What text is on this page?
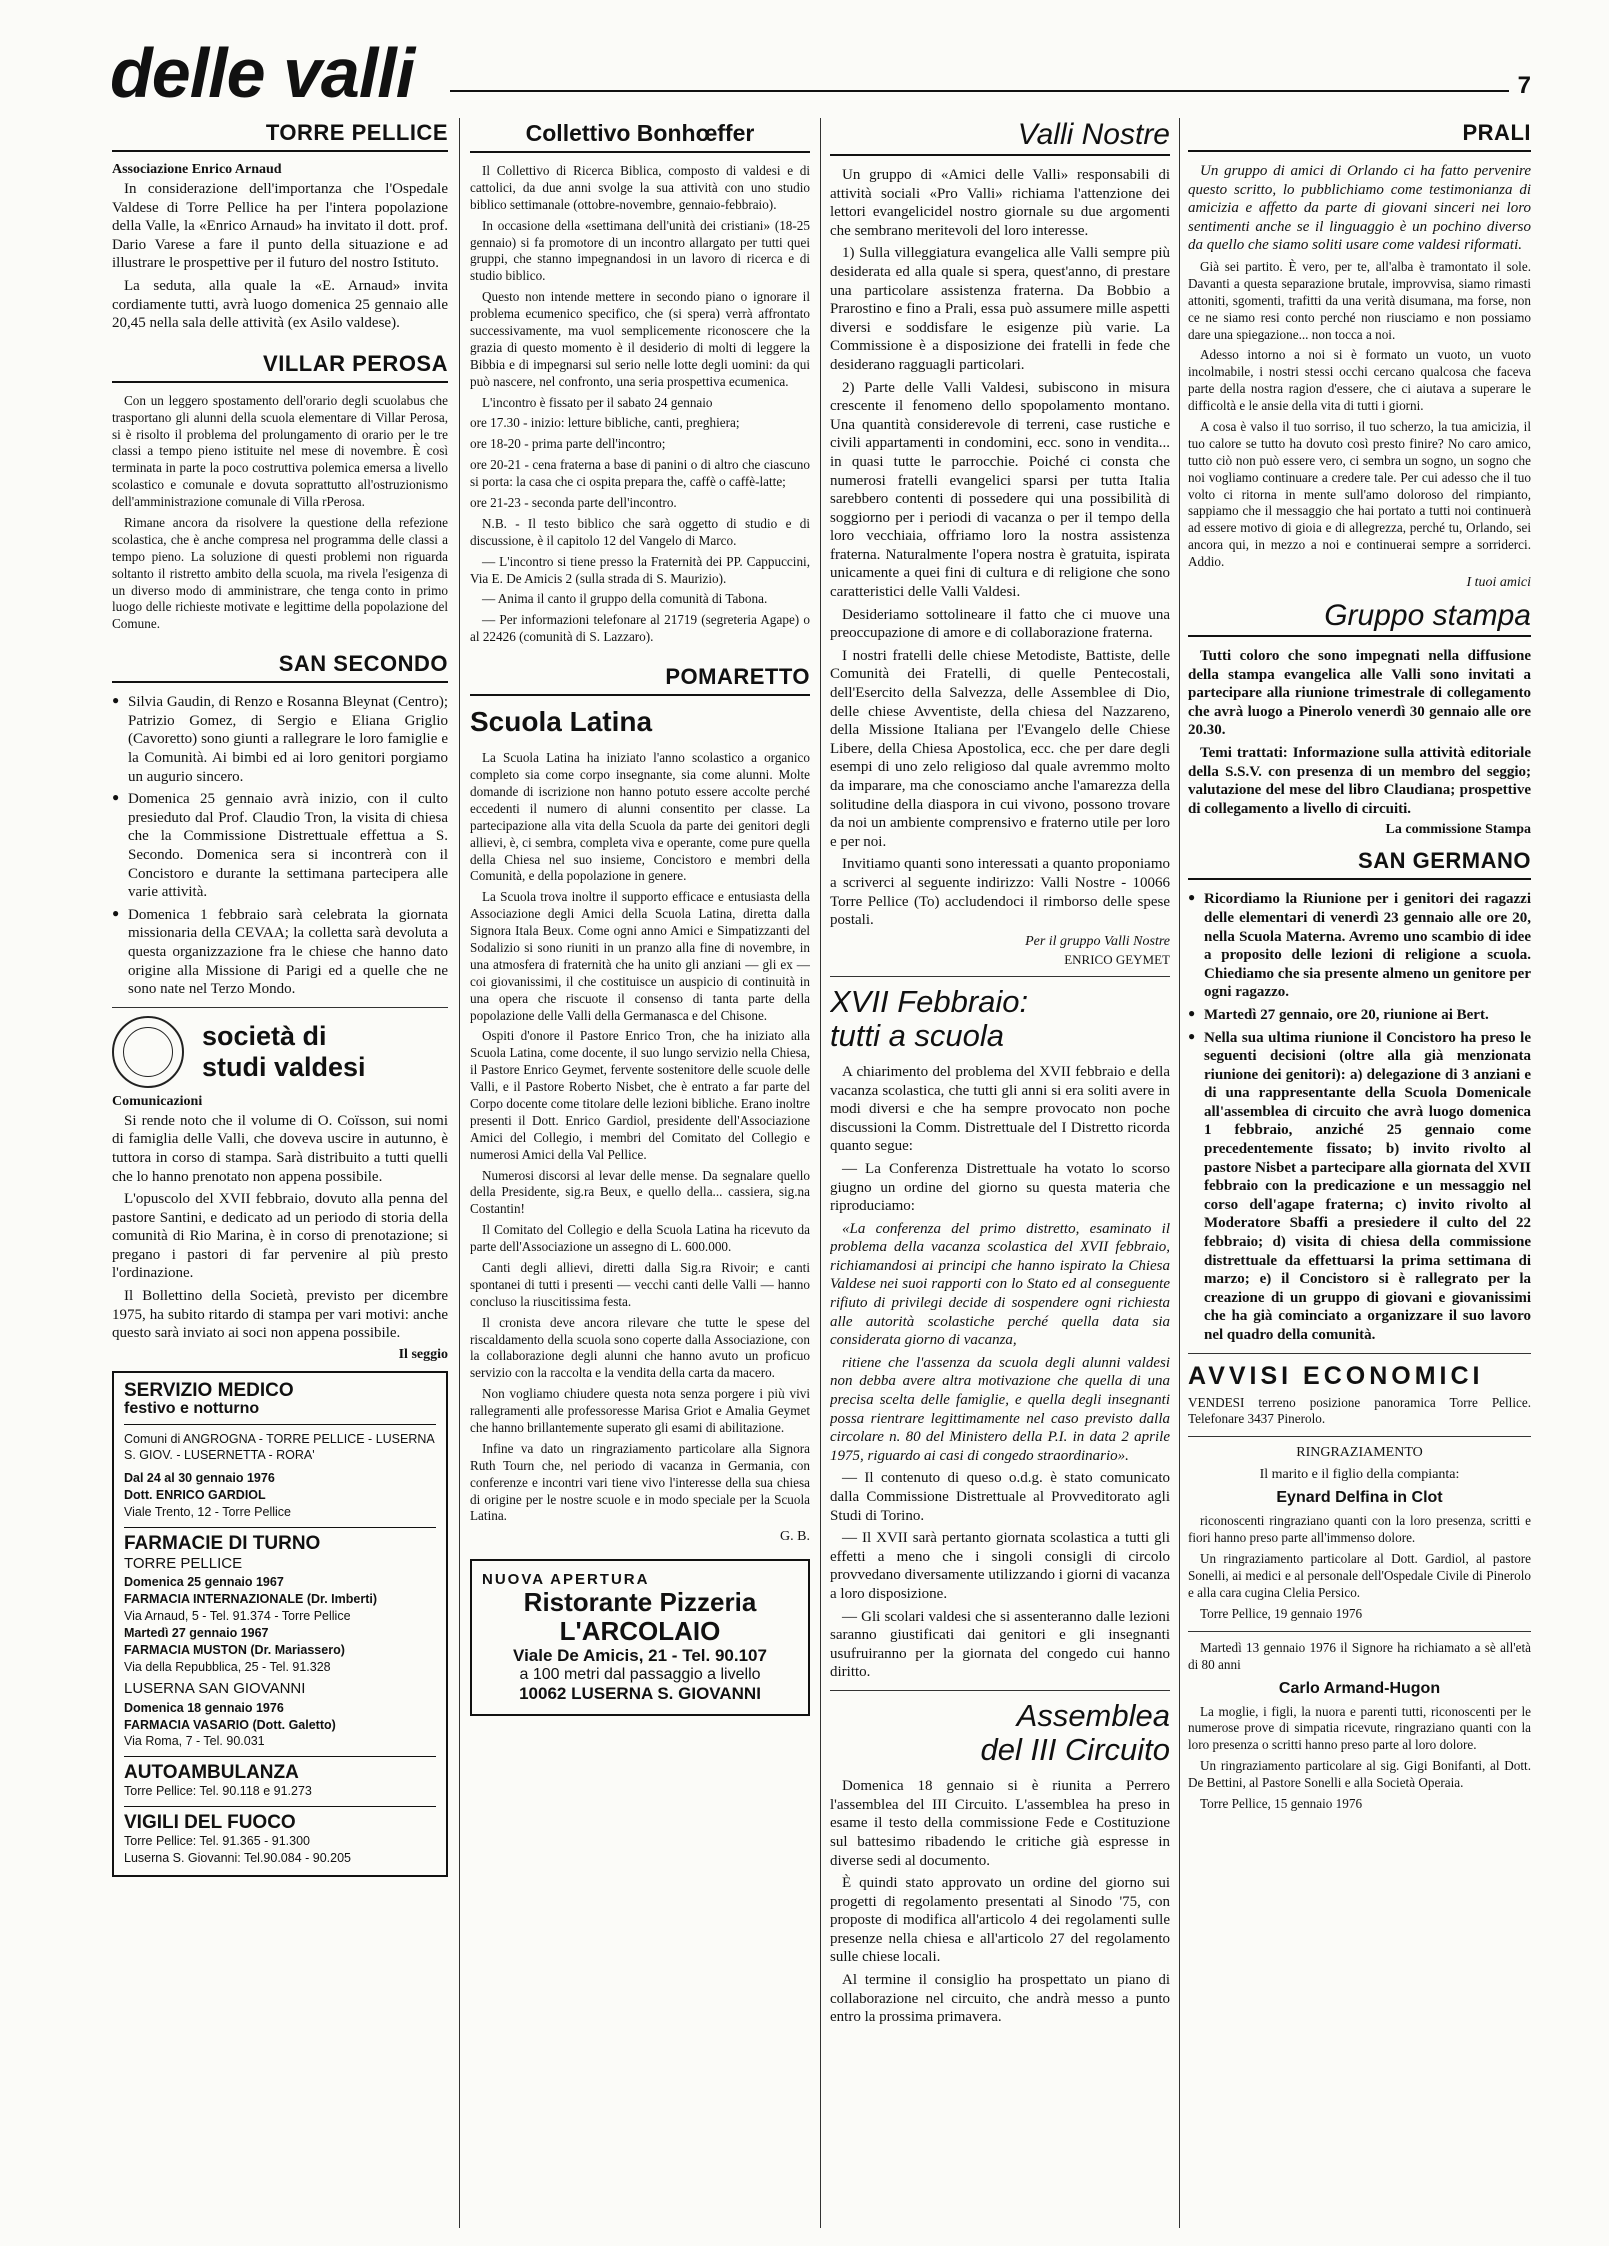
delle valli	7
TORRE PELLICE
Associazione Enrico Arnaud

In considerazione dell'importanza che l'Ospedale Valdese di Torre Pellice ha per l'intera popolazione della Valle, la «Enrico Arnaud» ha invitato il dott. prof. Dario Varese a fare il punto della situazione e ad illustrare le prospettive per il futuro del nostro Istituto.

La seduta, alla quale la «E. Arnaud» invita cordiamente tutti, avrà luogo domenica 25 gennaio alle 20,45 nella sala delle attività (ex Asilo valdese).

VILLAR PEROSA

Con un leggero spostamento dell'orario degli scuolabus che trasportano gli alunni della scuola elementare di Villar Perosa, si è risolto il problema del prolungamento di orario per le tre classi a tempo pieno istituite nel mese di novembre. È così terminata in parte la poco costruttiva polemica emersa a livello scolastico e comunale e dovuta soprattutto all'ostruzionismo dell'amministrazione comunale di Villa rPerosa.

Rimane ancora da risolvere la questione della refezione scolastica, che è anche compresa nel programma delle classi a tempo pieno. La soluzione di questi problemi non riguarda soltanto il ristretto ambito della scuola, ma rivela l'esigenza di un diverso modo di amministrare, che tenga conto in primo luogo delle richieste motivate e legittime della popolazione del Comune.

SAN SECONDO

● Silvia Gaudin, di Renzo e Rosanna Bleynat (Centro); Patrizio Gomez, di Sergio e Eliana Griglio (Cavoretto) sono giunti a rallegrare le loro famiglie e la Comunità. Ai bimbi ed ai loro genitori porgiamo un augurio sincero.

● Domenica 25 gennaio avrà inizio, con il culto presieduto dal Prof. Claudio Tron, la visita di chiesa che la Commissione Distrettuale effettua a S. Secondo. Domenica sera si incontrerà con il Concistoro e durante la settimana partecipera alle varie attività.

● Domenica 1 febbraio sarà celebrata la giornata missionaria della CEVAA; la colletta sarà devoluta a questa organizzazione fra le chiese che hanno dato origine alla Missione di Parigi ed a quelle che ne sono nate nel Terzo Mondo.

società di
studi valdesi
Comunicazioni

Si rende noto che il volume di O. Coïsson, sui nomi di famiglia delle Valli, che doveva uscire in autunno, è tuttora in corso di stampa. Sarà distribuito a tutti quelli che lo hanno prenotato non appena possibile.

L'opuscolo del XVII febbraio, dovuto alla penna del pastore Santini, e dedicato ad un periodo di storia della comunità di Rio Marina, è in corso di prenotazione; si pregano i pastori di far pervenire al più presto l'ordinazione.

Il Bollettino della Società, previsto per dicembre 1975, ha subito ritardo di stampa per vari motivi: anche questo sarà inviato ai soci non appena possibile.

Il seggio
SERVIZIO MEDICO
festivo e notturno
Comuni di ANGROGNA - TORRE PELLICE - LUSERNA S. GIOV. - LUSERNETTA - RORA'
Dal 24 al 30 gennaio 1976
Dott. ENRICO GARDIOL
Viale Trento, 12 - Torre Pellice
FARMACIE DI TURNO
TORRE PELLICE
Domenica 25 gennaio 1967
FARMACIA INTERNAZIONALE (Dr. Imberti)
Via Arnaud, 5 - Tel. 91.374 - Torre Pellice
Martedì 27 gennaio 1967
FARMACIA MUSTON (Dr. Mariassero)
Via della Repubblica, 25 - Tel. 91.328
LUSERNA SAN GIOVANNI
Domenica 18 gennaio 1976
FARMACIA VASARIO (Dott. Galetto)
Via Roma, 7 - Tel. 90.031
AUTOAMBULANZA
Torre Pellice: Tel. 90.118 e 91.273
VIGILI DEL FUOCO
Torre Pellice: Tel. 91.365 - 91.300
Luserna S. Giovanni: Tel.90.084 - 90.205
Collettivo Bonhœffer

Il Collettivo di Ricerca Biblica, composto di valdesi e di cattolici, da due anni svolge la sua attività con uno studio biblico settimanale (ottobre-novembre, gennaio-febbraio).

In occasione della «settimana dell'unità dei cristiani» (18-25 gennaio) si fa promotore di un incontro allargato per tutti quei gruppi, che stanno impegnandosi in un lavoro di ricerca e di studio biblico.

Questo non intende mettere in secondo piano o ignorare il problema ecumenico specifico, che (si spera) verrà affrontato successivamente, ma vuol semplicemente riconoscere che la grazia di questo momento è il desiderio di molti di leggere la Bibbia e di impegnarsi sul serio nelle lotte degli uomini: da qui può nascere, nel confronto, una seria prospettiva ecumenica.

L'incontro è fissato per il sabato 24 gennaio

ore 17.30 - inizio: letture bibliche, canti, preghiera;

ore 18-20 - prima parte dell'incontro;

ore 20-21 - cena fraterna a base di panini o di altro che ciascuno si porta: la casa che ci ospita prepara the, caffè o caffè-latte;

ore 21-23 - seconda parte dell'incontro.

N.B. - Il testo biblico che sarà oggetto di studio e di discussione, è il capitolo 12 del Vangelo di Marco.

— L'incontro si tiene presso la Fraternità dei PP. Cappuccini, Via E. De Amicis 2 (sulla strada di S. Maurizio).

— Anima il canto il gruppo della comunità di Tabona.

— Per informazioni telefonare al 21719 (segreteria Agape) o al 22426 (comunità di S. Lazzaro).

POMARETTO
Scuola Latina

La Scuola Latina ha iniziato l'anno scolastico a organico completo sia come corpo insegnante, sia come alunni. Molte domande di iscrizione non hanno potuto essere accolte perché eccedenti il numero di alunni consentito per classe. La partecipazione alla vita della Scuola da parte dei genitori degli allievi, è, ci sembra, completa viva e operante, come pure quella della Chiesa nel suo insieme, Concistoro e membri della Comunità, e della popolazione in genere.

La Scuola trova inoltre il supporto efficace e entusiasta della Associazione degli Amici della Scuola Latina, diretta dalla Signora Itala Beux. Come ogni anno Amici e Simpatizzanti del Sodalizio si sono riuniti in un pranzo alla fine di novembre, in una atmosfera di fraternità che ha unito gli anziani — gli ex — coi giovanissimi, il che costituisce un auspicio di continuità in una opera che riscuote il consenso di tanta parte della popolazione delle Valli della Germanasca e del Chisone.

Ospiti d'onore il Pastore Enrico Tron, che ha iniziato alla Scuola Latina, come docente, il suo lungo servizio nella Chiesa, il Pastore Enrico Geymet, fervente sostenitore delle scuole delle Valli, e il Pastore Roberto Nisbet, che è entrato a far parte del Corpo docente come titolare delle lezioni bibliche. Erano inoltre presenti il Dott. Enrico Gardiol, presidente dell'Associazione Amici del Collegio, i membri del Comitato del Collegio e numerosi Amici della Val Pellice.

Numerosi discorsi al levar delle mense. Da segnalare quello della Presidente, sig.ra Beux, e quello della... cassiera, sig.na Costantin!

Il Comitato del Collegio e della Scuola Latina ha ricevuto da parte dell'Associazione un assegno di L. 600.000.

Canti degli allievi, diretti dalla Sig.ra Rivoir; e canti spontanei di tutti i presenti — vecchi canti delle Valli — hanno concluso la riuscitissima festa.

Il cronista deve ancora rilevare che tutte le spese del riscaldamento della scuola sono coperte dalla Associazione, con la collaborazione degli alunni che hanno avuto un proficuo servizio con la raccolta e la vendita della carta da macero.

Non vogliamo chiudere questa nota senza porgere i più vivi rallegramenti alle professoresse Marisa Griot e Amalia Geymet che hanno brillantemente superato gli esami di abilitazione.

Infine va dato un ringraziamento particolare alla Signora Ruth Tourn che, nel periodo di vacanza in Germania, con conferenze e incontri vari tiene vivo l'interesse della sua chiesa di origine per le nostre scuole e in modo speciale per la Scuola Latina.

G. B.
NUOVA APERTURA
Ristorante Pizzeria
L'ARCOLAIO
Viale De Amicis, 21 - Tel. 90.107
a 100 metri dal passaggio a livello
10062 LUSERNA S. GIOVANNI
Valli Nostre

Un gruppo di «Amici delle Valli» responsabili di attività sociali «Pro Valli» richiama l'attenzione dei lettori evangelicidel nostro giornale su due argomenti che sembrano meritevoli del loro interesse.

1) Sulla villeggiatura evangelica alle Valli sempre più desiderata ed alla quale si spera, quest'anno, di prestare una particolare assistenza fraterna. Da Bobbio a Prarostino e fino a Prali, essa può assumere mille aspetti diversi e soddisfare le esigenze più varie. La Commissione è a disposizione dei fratelli in fede che desiderano ragguagli particolari.

2) Parte delle Valli Valdesi, subiscono in misura crescente il fenomeno dello spopolamento montano. Una quantità considerevole di terreni, case rustiche e civili appartamenti in condomini, ecc. sono in vendita... in quasi tutte le parrocchie. Poiché ci consta che numerosi fratelli evangelici sparsi per tutta Italia sarebbero contenti di possedere qui una possibilità di soggiorno per i periodi di vacanza o per il tempo della loro vecchiaia, offriamo loro la nostra assistenza fraterna. Naturalmente l'opera nostra è gratuita, ispirata unicamente a quei fini di cultura e di religione che sono caratteristici delle Valli Valdesi.

Desideriamo sottolineare il fatto che ci muove una preoccupazione di amore e di collaborazione fraterna.

I nostri fratelli delle chiese Metodiste, Battiste, delle Comunità dei Fratelli, di quelle Pentecostali, dell'Esercito della Salvezza, delle Assemblee di Dio, delle chiese Avventiste, della chiesa del Nazzareno, della Missione Italiana per l'Evangelo delle Chiese Libere, della Chiesa Apostolica, ecc. che per dare degli esempi di uno zelo religioso dal quale avremmo molto da imparare, ma che conosciamo anche l'amarezza della solitudine della diaspora in cui vivono, possono trovare da noi un ambiente comprensivo e fraterno utile per loro e per noi.

Invitiamo quanti sono interessati a quanto proponiamo a scriverci al seguente indirizzo: Valli Nostre - 10066 Torre Pellice (To) accludendoci il rimborso delle spese postali.

Per il gruppo Valli Nostre
ENRICO GEYMET
XVII Febbraio:
tutti a scuola

A chiarimento del problema del XVII febbraio e della vacanza scolastica, che tutti gli anni si era soliti avere in modi diversi e che ha sempre provocato non poche discussioni la Comm. Distrettuale del I Distretto ricorda quanto segue:

— La Conferenza Distrettuale ha votato lo scorso giugno un ordine del giorno su questa materia che riproduciamo:

«La conferenza del primo distretto, esaminato il problema della vacanza scolastica del XVII febbraio, richiamandosi ai principi che hanno ispirato la Chiesa Valdese nei suoi rapporti con lo Stato ed al conseguente rifiuto di privilegi decide di sospendere ogni richiesta alle autorità scolastiche perché quella data sia considerata giorno di vacanza,

ritiene che l'assenza da scuola degli alunni valdesi non debba avere altra motivazione che quella di una precisa scelta delle famiglie, e quella degli insegnanti possa rientrare legittimamente nel caso previsto dalla circolare n. 80 del Ministero della P.I. in data 2 aprile 1975, riguardo ai casi di congedo straordinario».

— Il contenuto di queso o.d.g. è stato comunicato dalla Commissione Distrettuale al Provveditorato agli Studi di Torino.

— Il XVII sarà pertanto giornata scolastica a tutti gli effetti a meno che i singoli consigli di circolo provvedano diversamente utilizzando i giorni di vacanza a loro disposizione.

— Gli scolari valdesi che si assenteranno dalle lezioni saranno giustificati dai genitori e gli insegnanti usufruiranno per la giornata del congedo cui hanno diritto.

Assemblea
del III Circuito

Domenica 18 gennaio si è riunita a Perrero l'assemblea del III Circuito. L'assemblea ha preso in esame il testo della commissione Fede e Costituzione sul battesimo ribadendo le critiche già espresse in diverse sedi al documento.

È quindi stato approvato un ordine del giorno sui progetti di regolamento presentati al Sinodo '75, con proposte di modifica all'articolo 4 dei regolamenti sulle presenze nella chiesa e all'articolo 27 del regolamento sulle chiese locali.

Al termine il consiglio ha prospettato un piano di collaborazione nel circuito, che andrà messo a punto entro la prossima primavera.

PRALI

Un gruppo di amici di Orlando ci ha fatto pervenire questo scritto, lo pubblichiamo come testimonianza di amicizia e affetto da parte di giovani sinceri nei loro sentimenti anche se il linguaggio è un pochino diverso da quello che siamo soliti usare come valdesi riformati.

Già sei partito. È vero, per te, all'alba è tramontato il sole. Davanti a questa separazione brutale, improvvisa, siamo rimasti attoniti, sgomenti, trafitti da una verità disumana, ma forse, non ce ne siamo resi conto perché non riusciamo e non possiamo dare una spiegazione... non tocca a noi.

Adesso intorno a noi si è formato un vuoto, un vuoto incolmabile, i nostri stessi occhi cercano qualcosa che faceva parte della nostra ragion d'essere, che ci aiutava a superare le difficoltà e le ansie della vita di tutti i giorni.

A cosa è valso il tuo sorriso, il tuo scherzo, la tua amicizia, il tuo calore se tutto ha dovuto così presto finire? No caro amico, tutto ciò non può essere vero, ci sembra un sogno, un sogno che noi vogliamo continuare a credere tale. Per cui adesso che il tuo volto ci ritorna in mente sull'amo doloroso del rimpianto, sappiamo che il messaggio che hai portato a tutti noi continuerà ad essere motivo di gioia e di allegrezza, perché tu, Orlando, sei ancora qui, in mezzo a noi e continuerai sempre a sorriderci. Addio.

I tuoi amici
Gruppo stampa

Tutti coloro che sono impegnati nella diffusione della stampa evangelica alle Valli sono invitati a partecipare alla riunione trimestrale di collegamento che avrà luogo a Pinerolo venerdì 30 gennaio alle ore 20.30.

Temi trattati: Informazione sulla attività editoriale della S.S.V. con presenza di un membro del seggio; valutazione del mese del libro Claudiana; prospettive di collegamento a livello di circuiti.

La commissione Stampa
SAN GERMANO

● Ricordiamo la Riunione per i genitori dei ragazzi delle elementari di venerdì 23 gennaio alle ore 20, nella Scuola Materna. Avremo uno scambio di idee a proposito delle lezioni di religione a scuola. Chiediamo che sia presente almeno un genitore per ogni ragazzo.

● Martedì 27 gennaio, ore 20, riunione ai Bert.

● Nella sua ultima riunione il Concistoro ha preso le seguenti decisioni (oltre alla già menzionata riunione dei genitori): a) delegazione di 3 anziani e di una rappresentante della Scuola Domenicale all'assemblea di circuito che avrà luogo domenica 1 febbraio, anziché 25 gennaio come precedentemente fissato; b) invito rivolto al pastore Nisbet a partecipare alla giornata del XVII febbraio con la predicazione e un messaggio nel corso dell'agape fraterna; c) invito rivolto al Moderatore Sbaffi a presiedere il culto del 22 febbraio; d) visita di chiesa della commissione distrettuale da effettuarsi la prima settimana di marzo; e) il Concistoro si è rallegrato per la creazione di un gruppo di giovani e giovanissimi che ha già cominciato a organizzare il suo lavoro nel quadro della comunità.

AVVISI ECONOMICI

VENDESI terreno posizione panoramica Torre Pellice. Telefonare 3437 Pinerolo.

RINGRAZIAMENTO
Il marito e il figlio della compianta:
Eynard Delfina in Clot

riconoscenti ringraziano quanti con la loro presenza, scritti e fiori hanno preso parte all'immenso dolore.

Un ringraziamento particolare al Dott. Gardiol, al pastore Sonelli, ai medici e al personale dell'Ospedale Civile di Pinerolo e alla cara cugina Clelia Persico.

Torre Pellice, 19 gennaio 1976

Martedì 13 gennaio 1976 il Signore ha richiamato a sè all'età di 80 anni

Carlo Armand-Hugon

La moglie, i figli, la nuora e parenti tutti, riconoscenti per le numerose prove di simpatia ricevute, ringraziano quanti con la loro presenza o scritti hanno preso parte al loro dolore.

Un ringraziamento particolare al sig. Gigi Bonifanti, al Dott. De Bettini, al Pastore Sonelli e alla Società Operaia.

Torre Pellice, 15 gennaio 1976
